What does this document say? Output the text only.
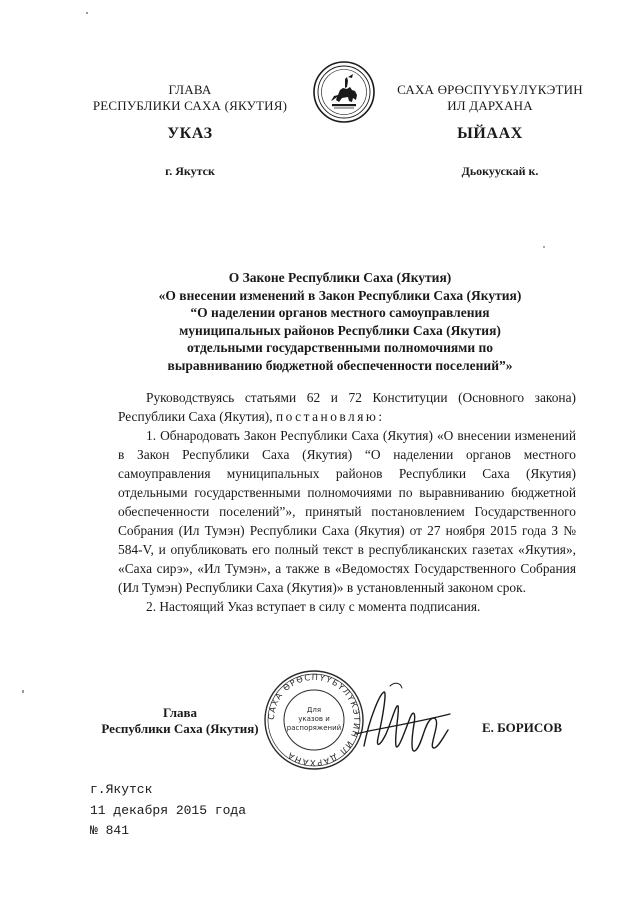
ГЛАВА
РЕСПУБЛИКИ САХА (ЯКУТИЯ)
САХА ӨРӨСПҮҮБҮЛҮКЭТИН
ИЛ ДАРХАНА
УКАЗ	ЫЙААХ
г. Якутск	Дьокуускай к.
О Законе Республики Саха (Якутия)
«О внесении изменений в Закон Республики Саха (Якутия)
“О наделении органов местного самоуправления
муниципальных районов Республики Саха (Якутия)
отдельными государственными полномочиями по
выравниванию бюджетной обеспеченности поселений”»
Руководствуясь статьями 62 и 72 Конституции (Основного закона) Республики Саха (Якутия), постановляю:
1. Обнародовать Закон Республики Саха (Якутия) «О внесении изменений в Закон Республики Саха (Якутия) “О наделении органов местного самоуправления муниципальных районов Республики Саха (Якутия) отдельными государственными полномочиями по выравниванию бюджетной обеспеченности поселений”», принятый постановлением Государственного Собрания (Ил Тумэн) Республики Саха (Якутия) от 27 ноября 2015 года З № 584-V, и опубликовать его полный текст в республиканских газетах «Якутия», «Саха сирэ», «Ил Тумэн», а также в «Ведомостях Государственного Собрания (Ил Тумэн) Республики Саха (Якутия)» в установленный законом срок.
2. Настоящий Указ вступает в силу с момента подписания.
Глава
Республики Саха (Якутия)
САХА ӨРӨСПҮҮБҮЛҮКЭТИН ИЛ ДАРХАНА
Для
указов и
распоряжений	Е. БОРИСОВ
г.Якутск
11 декабря 2015 года
№ 841
